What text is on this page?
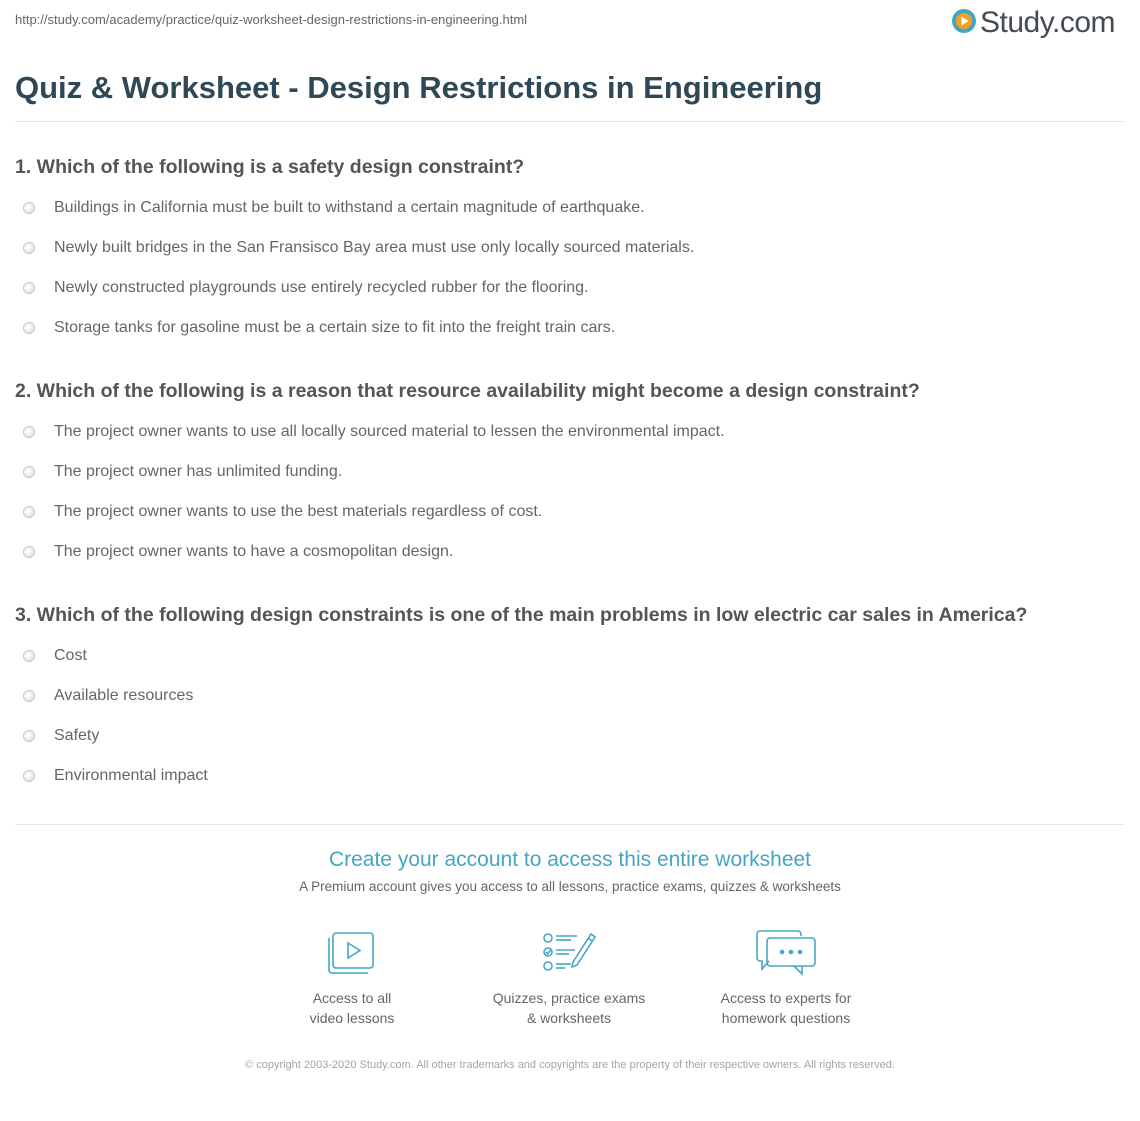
http://study.com/academy/practice/quiz-worksheet-design-restrictions-in-engineering.html	Study.com
Quiz & Worksheet - Design Restrictions in Engineering
1. Which of the following is a safety design constraint?
Buildings in California must be built to withstand a certain magnitude of earthquake.
Newly built bridges in the San Fransisco Bay area must use only locally sourced materials.
Newly constructed playgrounds use entirely recycled rubber for the flooring.
Storage tanks for gasoline must be a certain size to fit into the freight train cars.
2. Which of the following is a reason that resource availability might become a design constraint?
The project owner wants to use all locally sourced material to lessen the environmental impact.
The project owner has unlimited funding.
The project owner wants to use the best materials regardless of cost.
The project owner wants to have a cosmopolitan design.
3. Which of the following design constraints is one of the main problems in low electric car sales in America?
Cost
Available resources
Safety
Environmental impact

Create your account to access this entire worksheet

A Premium account gives you access to all lessons, practice exams, quizzes & worksheets
Access to all
video lessons
Quizzes, practice exams
& worksheets
Access to experts for
homework questions
© copyright 2003-2020 Study.com. All other trademarks and copyrights are the property of their respective owners. All rights reserved.
